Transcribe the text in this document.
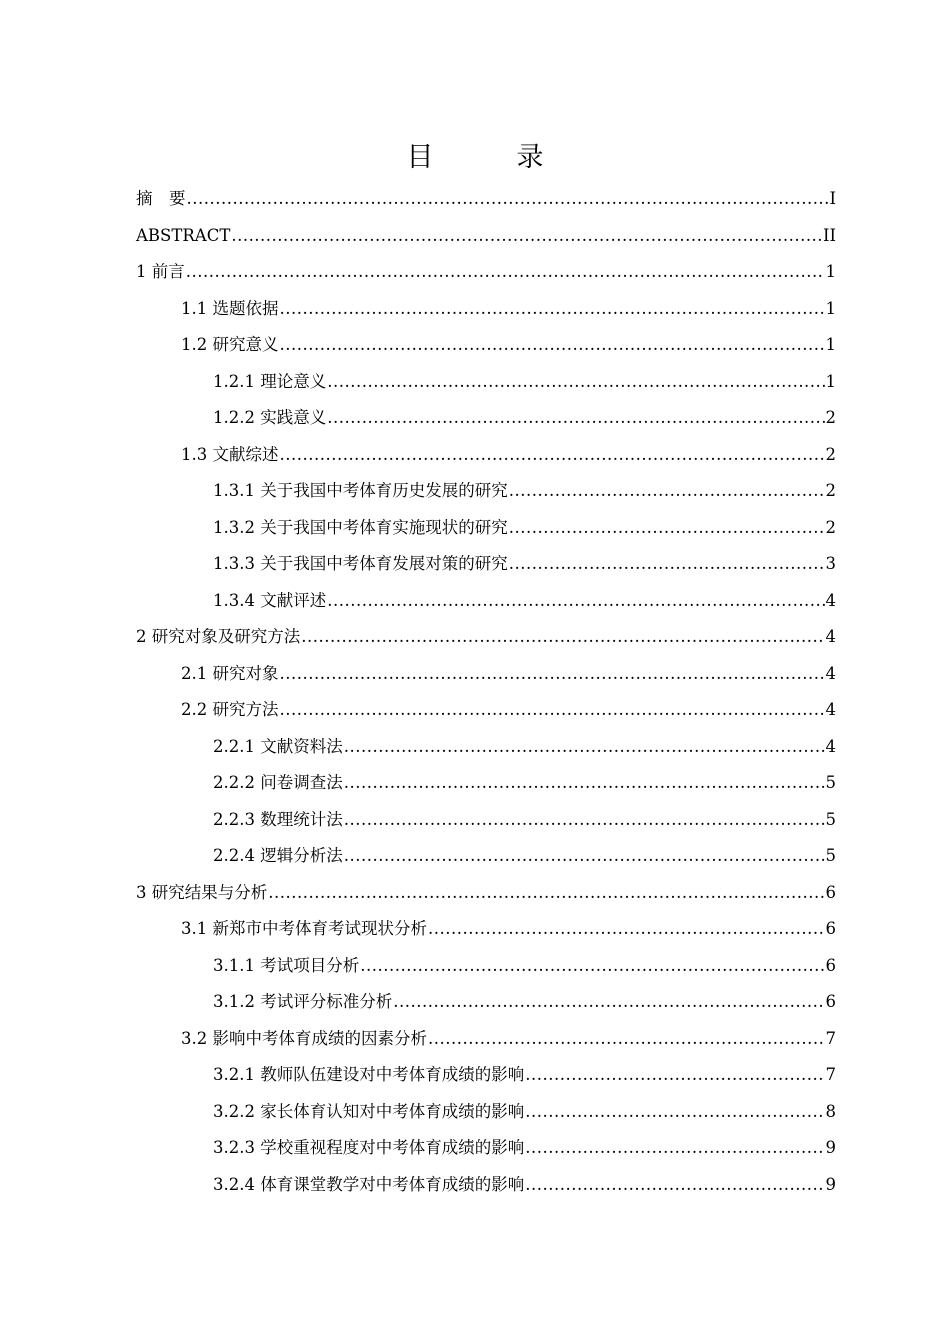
目　录
摘　要 .....	I
ABSTRACT .....	II
1 前言 .....	1
1.1 选题依据 .....	1
1.2 研究意义 .....	1
1.2.1 理论意义 .....	1
1.2.2 实践意义 .....	2
1.3 文献综述 .....	2
1.3.1 关于我国中考体育历史发展的研究 .....	2
1.3.2 关于我国中考体育实施现状的研究 .....	2
1.3.3 关于我国中考体育发展对策的研究 .....	3
1.3.4 文献评述 .....	4
2 研究对象及研究方法 .....	4
2.1 研究对象 .....	4
2.2 研究方法 .....	4
2.2.1 文献资料法 .....	4
2.2.2 问卷调查法 .....	5
2.2.3 数理统计法 .....	5
2.2.4 逻辑分析法 .....	5
3 研究结果与分析 .....	6
3.1 新郑市中考体育考试现状分析 .....	6
3.1.1 考试项目分析 .....	6
3.1.2 考试评分标准分析 .....	6
3.2 影响中考体育成绩的因素分析 .....	7
3.2.1 教师队伍建设对中考体育成绩的影响 .....	7
3.2.2 家长体育认知对中考体育成绩的影响 .....	8
3.2.3 学校重视程度对中考体育成绩的影响 .....	9
3.2.4 体育课堂教学对中考体育成绩的影响 .....	9
